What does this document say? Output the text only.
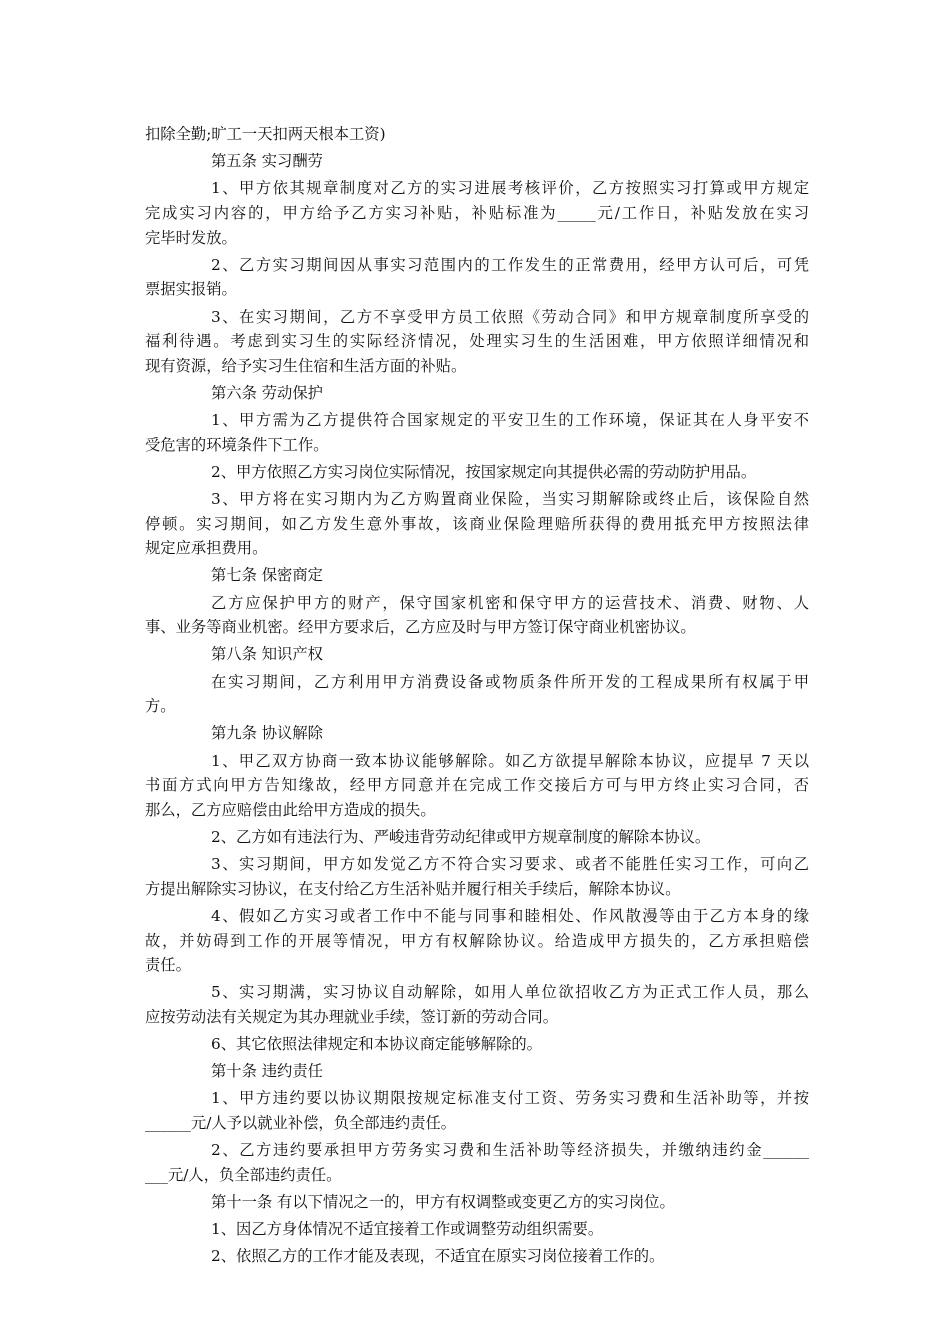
扣除全勤;旷工一天扣两天根本工资)
第五条 实习酬劳
1、甲方依其规章制度对乙方的实习进展考核评价，乙方按照实习打算或甲方规定
完成实习内容的，甲方给予乙方实习补贴，补贴标准为_____元/工作日，补贴发放在实习
完毕时发放。
2、乙方实习期间因从事实习范围内的工作发生的正常费用，经甲方认可后，可凭
票据实报销。
3、在实习期间，乙方不享受甲方员工依照《劳动合同》和甲方规章制度所享受的
福利待遇。考虑到实习生的实际经济情况，处理实习生的生活困难，甲方依照详细情况和
现有资源，给予实习生住宿和生活方面的补贴。
第六条 劳动保护
1、甲方需为乙方提供符合国家规定的平安卫生的工作环境，保证其在人身平安不
受危害的环境条件下工作。
2、甲方依照乙方实习岗位实际情况，按国家规定向其提供必需的劳动防护用品。
3、甲方将在实习期内为乙方购置商业保险，当实习期解除或终止后，该保险自然
停顿。实习期间，如乙方发生意外事故，该商业保险理赔所获得的费用抵充甲方按照法律
规定应承担费用。
第七条 保密商定
乙方应保护甲方的财产，保守国家机密和保守甲方的运营技术、消费、财物、人
事、业务等商业机密。经甲方要求后，乙方应及时与甲方签订保守商业机密协议。
第八条 知识产权
在实习期间，乙方利用甲方消费设备或物质条件所开发的工程成果所有权属于甲
方。
第九条 协议解除
1、甲乙双方协商一致本协议能够解除。如乙方欲提早解除本协议，应提早 7 天以
书面方式向甲方告知缘故，经甲方同意并在完成工作交接后方可与甲方终止实习合同，否
那么，乙方应赔偿由此给甲方造成的损失。
2、乙方如有违法行为、严峻违背劳动纪律或甲方规章制度的解除本协议。
3、实习期间，甲方如发觉乙方不符合实习要求、或者不能胜任实习工作，可向乙
方提出解除实习协议，在支付给乙方生活补贴并履行相关手续后，解除本协议。
4、假如乙方实习或者工作中不能与同事和睦相处、作风散漫等由于乙方本身的缘
故，并妨碍到工作的开展等情况，甲方有权解除协议。给造成甲方损失的，乙方承担赔偿
责任。
5、实习期满，实习协议自动解除，如用人单位欲招收乙方为正式工作人员，那么
应按劳动法有关规定为其办理就业手续，签订新的劳动合同。
6、其它依照法律规定和本协议商定能够解除的。
第十条 违约责任
1、甲方违约要以协议期限按规定标准支付工资、劳务实习费和生活补助等，并按
______元/人予以就业补偿，负全部违约责任。
2、乙方违约要承担甲方劳务实习费和生活补助等经济损失，并缴纳违约金______
___元/人，负全部违约责任。
第十一条 有以下情况之一的，甲方有权调整或变更乙方的实习岗位。
1、因乙方身体情况不适宜接着工作或调整劳动组织需要。
2、依照乙方的工作才能及表现，不适宜在原实习岗位接着工作的。
